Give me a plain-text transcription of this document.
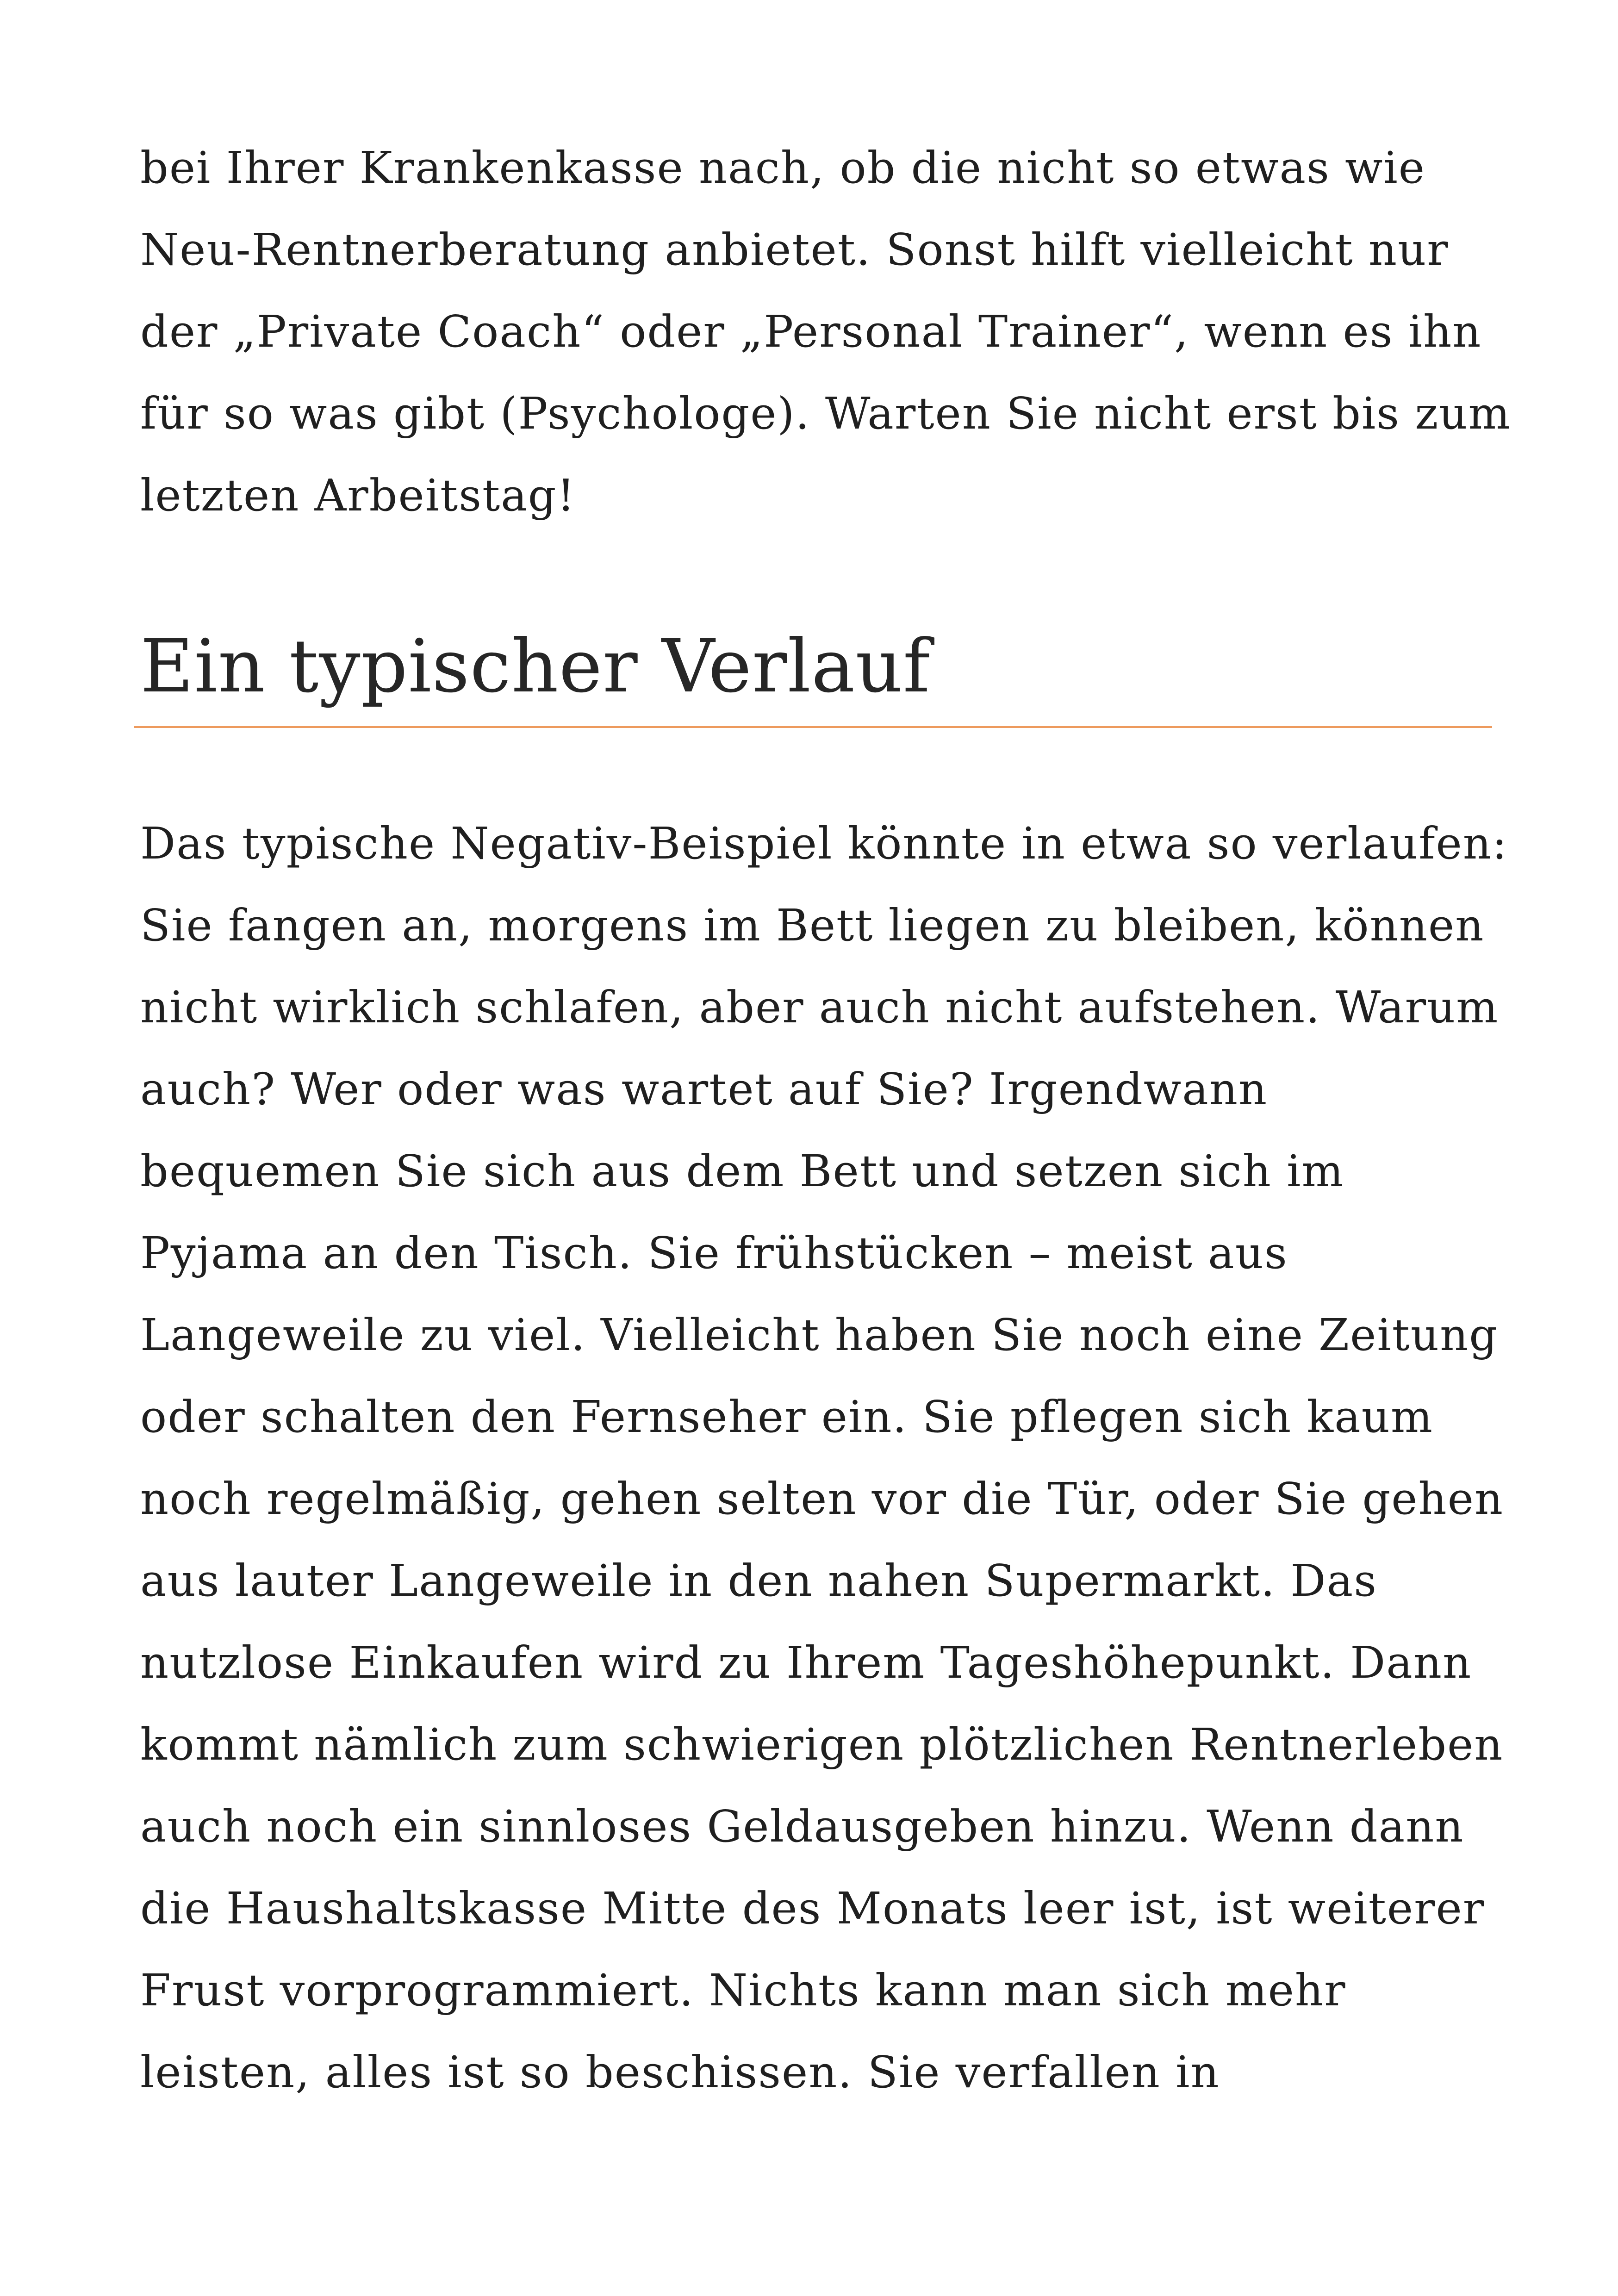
bei Ihrer Krankenkasse nach, ob die nicht so etwas wie
Neu-Rentnerberatung anbietet. Sonst hilft vielleicht nur
der „Private Coach“ oder „Personal Trainer“, wenn es ihn
für so was gibt (Psychologe). Warten Sie nicht erst bis zum
letzten Arbeitstag!
Ein typischer Verlauf
Das typische Negativ-Beispiel könnte in etwa so verlaufen:
Sie fangen an, morgens im Bett liegen zu bleiben, können
nicht wirklich schlafen, aber auch nicht aufstehen. Warum
auch? Wer oder was wartet auf Sie? Irgendwann
bequemen Sie sich aus dem Bett und setzen sich im
Pyjama an den Tisch. Sie frühstücken – meist aus
Langeweile zu viel. Vielleicht haben Sie noch eine Zeitung
oder schalten den Fernseher ein. Sie pflegen sich kaum
noch regelmäßig, gehen selten vor die Tür, oder Sie gehen
aus lauter Langeweile in den nahen Supermarkt. Das
nutzlose Einkaufen wird zu Ihrem Tageshöhepunkt. Dann
kommt nämlich zum schwierigen plötzlichen Rentnerleben
auch noch ein sinnloses Geldausgeben hinzu. Wenn dann
die Haushaltskasse Mitte des Monats leer ist, ist weiterer
Frust vorprogrammiert. Nichts kann man sich mehr
leisten, alles ist so beschissen. Sie verfallen in
